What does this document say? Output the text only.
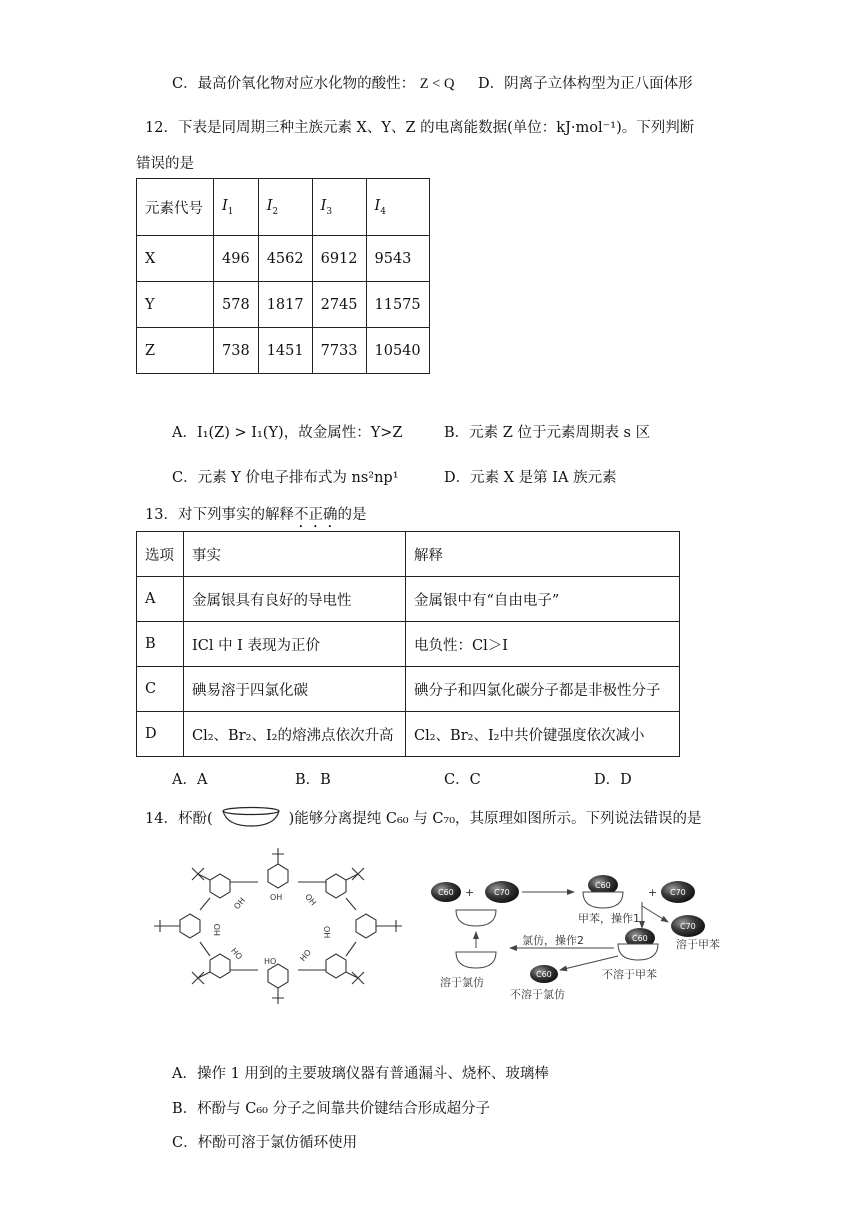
C．最高价氧化物对应水化物的酸性： Z < Q D．阴离子立体构型为正八面体形
12．下表是同周期三种主族元素 X、Y、Z 的电离能数据(单位：kJ·mol⁻¹)。下列判断
错误的是
元素代号	$I_1$	$I_2$	$I_3$	$I_4$
X	496	4562	6912	9543
Y	578	1817	2745	11575
Z	738	1451	7733	10540
A．I₁(Z) > I₁(Y)，故金属性：Y>Z	B．元素 Z 位于元素周期表 s 区
C．元素 Y 价电子排布式为 ns²np¹	D．元素 X 是第 IA 族元素
13．对下列事实的解释不正确的是
选项	事实	解释
A	金属银具有良好的导电性	金属银中有“自由电子”
B	ICl 中 I 表现为正价	电负性：Cl＞I
C	碘易溶于四氯化碳	碘分子和四氯化碳分子都是非极性分子
D	Cl₂、Br₂、I₂的熔沸点依次升高	Cl₂、Br₂、I₂中共价键强度依次减小
A．A	B．B	C．C	D．D
14．杯酚(	)能够分离提纯 C₆₀ 与 C₇₀，其原理如图所示。下列说法错误的是
OH
OH	OH
OH
HO
HO	HO
HO
C60 + C70
溶于氯仿
C60
+ C70
甲苯，操作1
C70
溶于甲苯
C60
不溶于甲苯
氯仿，操作2
C60
不溶于氯仿
A．操作 1 用到的主要玻璃仪器有普通漏斗、烧杯、玻璃棒
B．杯酚与 C₆₀ 分子之间靠共价键结合形成超分子
C．杯酚可溶于氯仿循环使用
